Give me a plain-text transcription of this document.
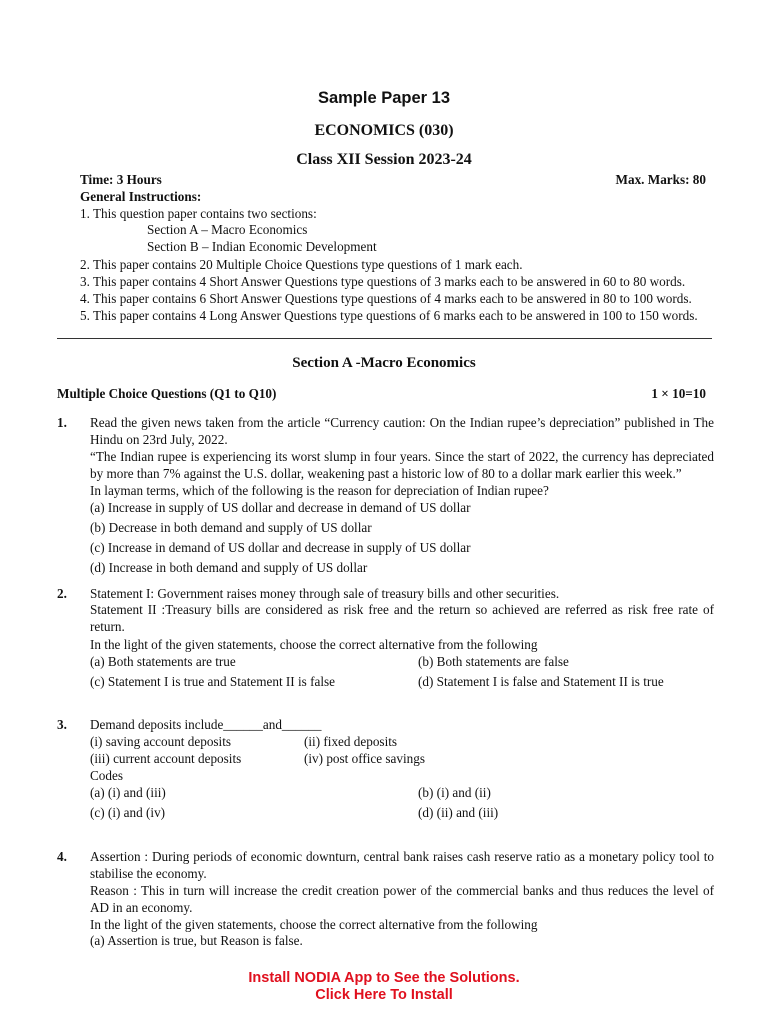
Sample Paper 13
ECONOMICS (030)
Class XII Session 2023-24
Time: 3 Hours	Max. Marks: 80
General Instructions:
1. This question paper contains two sections:
Section A – Macro Economics
Section B – Indian Economic Development
2. This paper contains 20 Multiple Choice Questions type questions of 1 mark each.
3. This paper contains 4 Short Answer Questions type questions of 3 marks each to be answered in 60 to 80 words.
4. This paper contains 6 Short Answer Questions type questions of 4 marks each to be answered in 80 to 100 words.
5. This paper contains 4 Long Answer Questions type questions of 6 marks each to be answered in 100 to 150 words.
Section A -Macro Economics
Multiple Choice Questions (Q1 to Q10)	1 × 10=10
1.	Read the given news taken from the article “Currency caution: On the Indian rupee’s depreciation” published in The Hindu on 23rd July, 2022.
“The Indian rupee is experiencing its worst slump in four years. Since the start of 2022, the currency has depreciated by more than 7% against the U.S. dollar, weakening past a historic low of 80 to a dollar mark earlier this week.”
In layman terms, which of the following is the reason for depreciation of Indian rupee?
(a) Increase in supply of US dollar and decrease in demand of US dollar
(b) Decrease in both demand and supply of US dollar
(c) Increase in demand of US dollar and decrease in supply of US dollar
(d) Increase in both demand and supply of US dollar
2.	Statement I: Government raises money through sale of treasury bills and other securities.
Statement II :Treasury bills are considered as risk free and the return so achieved are referred as risk free rate of return.
In the light of the given statements, choose the correct alternative from the following
(a) Both statements are true	(b) Both statements are false
(c) Statement I is true and Statement II is false	(d) Statement I is false and Statement II is true
3.	Demand deposits include______and______
(i) saving account deposits	(ii) fixed deposits
(iii) current account deposits	(iv) post office savings
Codes
(a) (i) and (iii)	(b) (i) and (ii)
(c) (i) and (iv)	(d) (ii) and (iii)
4.	Assertion : During periods of economic downturn, central bank raises cash reserve ratio as a monetary policy tool to stabilise the economy.
Reason : This in turn will increase the credit creation power of the commercial banks and thus reduces the level of AD in an economy.
In the light of the given statements, choose the correct alternative from the following
(a) Assertion is true, but Reason is false.
Install NODIA App to See the Solutions.
Click Here To Install
